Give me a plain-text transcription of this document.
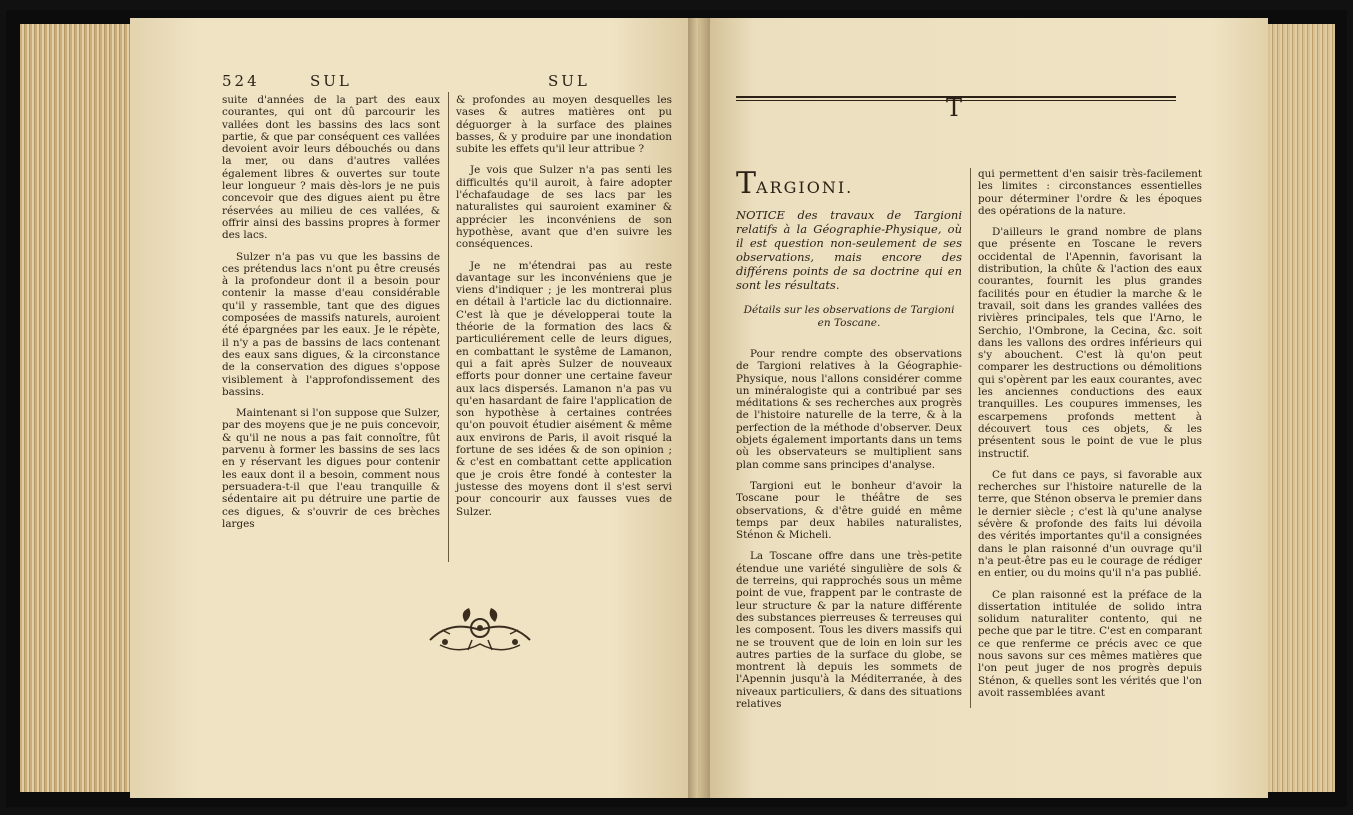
524	SUL	SUL

suite d'années de la part des eaux courantes, qui ont dû parcourir les vallées dont les bassins des lacs sont partie, & que par conséquent ces vallées devoient avoir leurs débouchés ou dans la mer, ou dans d'autres vallées également libres & ouvertes sur toute leur longueur ? mais dès-lors je ne puis concevoir que des digues aient pu être réservées au milieu de ces vallées, & offrir ainsi des bassins propres à former des lacs.

Sulzer n'a pas vu que les bassins de ces prétendus lacs n'ont pu être creusés à la profondeur dont il a besoin pour contenir la masse d'eau considérable qu'il y rassemble, tant que des digues composées de massifs naturels, auroient été épargnées par les eaux. Je le répète, il n'y a pas de bassins de lacs contenant des eaux sans digues, & la circonstance de la conservation des digues s'oppose visiblement à l'approfondissement des bassins.

Maintenant si l'on suppose que Sulzer, par des moyens que je ne puis concevoir, & qu'il ne nous a pas fait connoître, fût parvenu à former les bassins de ses lacs en y réservant les digues pour contenir les eaux dont il a besoin, comment nous persuadera-t-il que l'eau tranquille & sédentaire ait pu détruire une partie de ces digues, & s'ouvrir de ces brèches larges

& profondes au moyen desquelles les vases & autres matières ont pu déguorger à la surface des plaines basses, & y produire par une inondation subite les effets qu'il leur attribue ?

Je vois que Sulzer n'a pas senti les difficultés qu'il auroit, à faire adopter l'échafaudage de ses lacs par les naturalistes qui sauroient examiner & apprécier les inconvéniens de son hypothèse, avant que d'en suivre les conséquences.

Je ne m'étendrai pas au reste davantage sur les inconvéniens que je viens d'indiquer ; je les montrerai plus en détail à l'article lac du dictionnaire. C'est là que je développerai toute la théorie de la formation des lacs & particuliérement celle de leurs digues, en combattant le systême de Lamanon, qui a fait après Sulzer de nouveaux efforts pour donner une certaine faveur aux lacs dispersés. Lamanon n'a pas vu qu'en hasardant de faire l'application de son hypothèse à certaines contrées qu'on pouvoit étudier aisément & même aux environs de Paris, il avoit risqué la fortune de ses idées & de son opinion ; & c'est en combattant cette application que je crois être fondé à contester la justesse des moyens dont il s'est servi pour concourir aux fausses vues de Sulzer.

T
TARGIONI.
NOTICE des travaux de Targioni relatifs à la Géographie-Physique, où il est question non-seulement de ses observations, mais encore des différens points de sa doctrine qui en sont les résultats.
Détails sur les observations de Targioni en Toscane.

Pour rendre compte des observations de Targioni relatives à la Géographie-Physique, nous l'allons considérer comme un minéralogiste qui a contribué par ses méditations & ses recherches aux progrès de l'histoire naturelle de la terre, & à la perfection de la méthode d'observer. Deux objets également importants dans un tems où les observateurs se multiplient sans plan comme sans principes d'analyse.

Targioni eut le bonheur d'avoir la Toscane pour le théâtre de ses observations, & d'être guidé en même temps par deux habiles naturalistes, Sténon & Micheli.

La Toscane offre dans une très-petite étendue une variété singulière de sols & de terreins, qui rapprochés sous un même point de vue, frappent par le contraste de leur structure & par la nature différente des substances pierreuses & terreuses qui les composent. Tous les divers massifs qui ne se trouvent que de loin en loin sur les autres parties de la surface du globe, se montrent là depuis les sommets de l'Apennin jusqu'à la Méditerranée, à des niveaux particuliers, & dans des situations relatives

qui permettent d'en saisir très-facilement les limites : circonstances essentielles pour déterminer l'ordre & les époques des opérations de la nature.

D'ailleurs le grand nombre de plans que présente en Toscane le revers occidental de l'Apennin, favorisant la distribution, la chûte & l'action des eaux courantes, fournit les plus grandes facilités pour en étudier la marche & le travail, soit dans les grandes vallées des rivières principales, tels que l'Arno, le Serchio, l'Ombrone, la Cecina, &c. soit dans les vallons des ordres inférieurs qui s'y abouchent. C'est là qu'on peut comparer les destructions ou démolitions qui s'opèrent par les eaux courantes, avec les anciennes conductions des eaux tranquilles. Les coupures immenses, les escarpemens profonds mettent à découvert tous ces objets, & les présentent sous le point de vue le plus instructif.

Ce fut dans ce pays, si favorable aux recherches sur l'histoire naturelle de la terre, que Sténon observa le premier dans le dernier siècle ; c'est là qu'une analyse sévère & profonde des faits lui dévoila des vérités importantes qu'il a consignées dans le plan raisonné d'un ouvrage qu'il n'a peut-être pas eu le courage de rédiger en entier, ou du moins qu'il n'a pas publié.

Ce plan raisonné est la préface de la dissertation intitulée de solido intra solidum naturaliter contento, qui ne peche que par le titre. C'est en comparant ce que renferme ce précis avec ce que nous savons sur ces mêmes matières que l'on peut juger de nos progrès depuis Sténon, & quelles sont les vérités que l'on avoit rassemblées avant
